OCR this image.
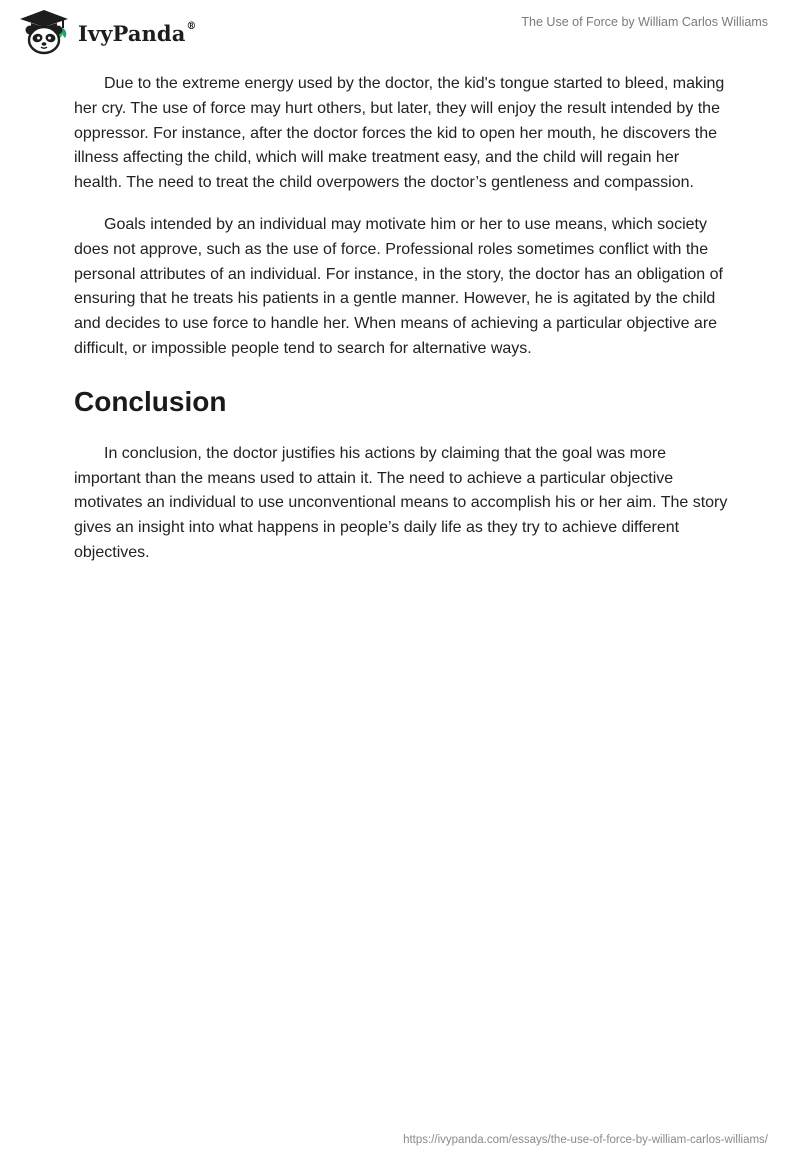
IvyPanda®	The Use of Force by William Carlos Williams

Due to the extreme energy used by the doctor, the kid's tongue started to bleed, making her cry. The use of force may hurt others, but later, they will enjoy the result intended by the oppressor. For instance, after the doctor forces the kid to open her mouth, he discovers the illness affecting the child, which will make treatment easy, and the child will regain her health. The need to treat the child overpowers the doctor’s gentleness and compassion.

Goals intended by an individual may motivate him or her to use means, which society does not approve, such as the use of force. Professional roles sometimes conflict with the personal attributes of an individual. For instance, in the story, the doctor has an obligation of ensuring that he treats his patients in a gentle manner. However, he is agitated by the child and decides to use force to handle her. When means of achieving a particular objective are difficult, or impossible people tend to search for alternative ways.

Conclusion

In conclusion, the doctor justifies his actions by claiming that the goal was more important than the means used to attain it. The need to achieve a particular objective motivates an individual to use unconventional means to accomplish his or her aim. The story gives an insight into what happens in people’s daily life as they try to achieve different objectives.

https://ivypanda.com/essays/the-use-of-force-by-william-carlos-williams/
